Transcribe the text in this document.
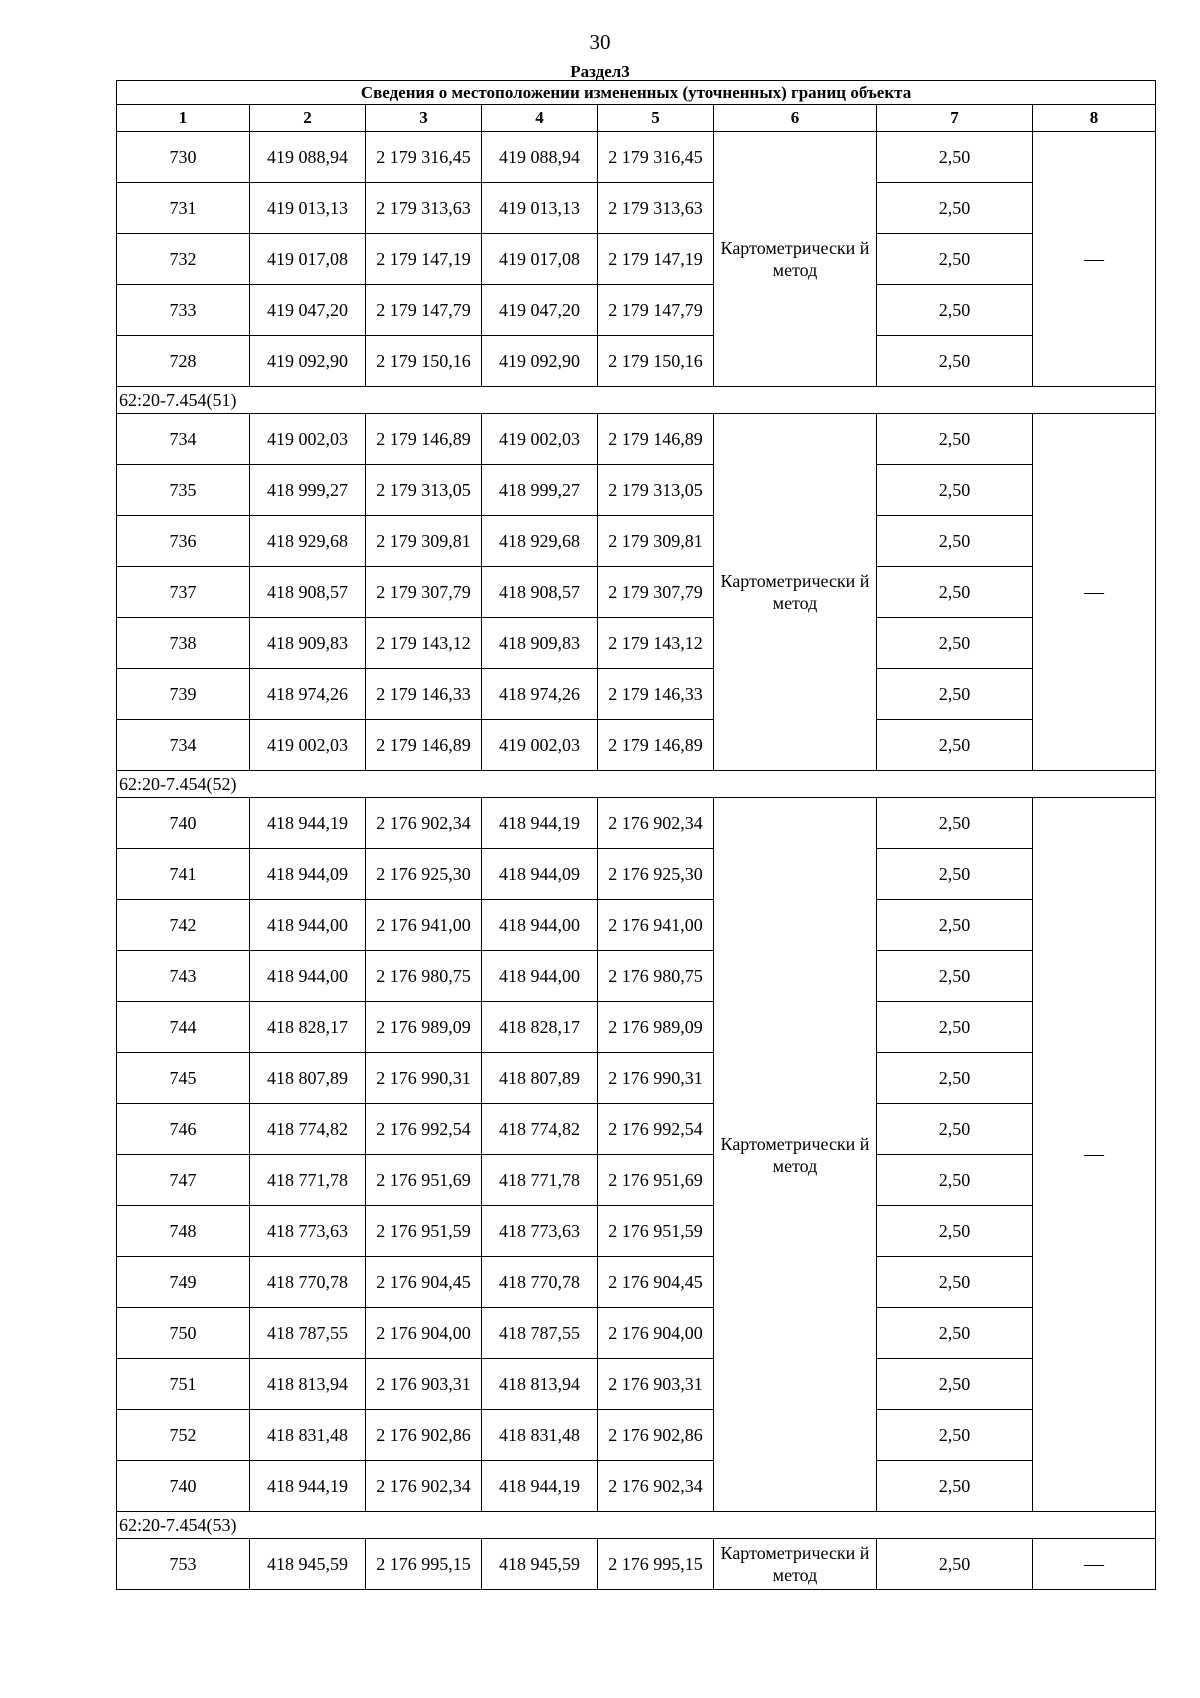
30
Раздел3
Сведения о местоположении измененных (уточненных) границ объекта							
1	2	3	4	5	6	7	8
730	419 088,94	2 179 316,45	419 088,94	2 179 316,45	Картометрически й метод	2,50	—
731	419 013,13	2 179 313,63	419 013,13	2 179 313,63		2,50	
732	419 017,08	2 179 147,19	419 017,08	2 179 147,19		2,50	
733	419 047,20	2 179 147,79	419 047,20	2 179 147,79		2,50	
728	419 092,90	2 179 150,16	419 092,90	2 179 150,16		2,50	
62:20-7.454(51)							
734	419 002,03	2 179 146,89	419 002,03	2 179 146,89	Картометрически й метод	2,50	—
735	418 999,27	2 179 313,05	418 999,27	2 179 313,05		2,50	
736	418 929,68	2 179 309,81	418 929,68	2 179 309,81		2,50	
737	418 908,57	2 179 307,79	418 908,57	2 179 307,79		2,50	
738	418 909,83	2 179 143,12	418 909,83	2 179 143,12		2,50	
739	418 974,26	2 179 146,33	418 974,26	2 179 146,33		2,50	
734	419 002,03	2 179 146,89	419 002,03	2 179 146,89		2,50	
62:20-7.454(52)							
740	418 944,19	2 176 902,34	418 944,19	2 176 902,34	Картометрически й метод	2,50	—
741	418 944,09	2 176 925,30	418 944,09	2 176 925,30		2,50	
742	418 944,00	2 176 941,00	418 944,00	2 176 941,00		2,50	
743	418 944,00	2 176 980,75	418 944,00	2 176 980,75		2,50	
744	418 828,17	2 176 989,09	418 828,17	2 176 989,09		2,50	
745	418 807,89	2 176 990,31	418 807,89	2 176 990,31		2,50	
746	418 774,82	2 176 992,54	418 774,82	2 176 992,54		2,50	
747	418 771,78	2 176 951,69	418 771,78	2 176 951,69		2,50	
748	418 773,63	2 176 951,59	418 773,63	2 176 951,59		2,50	
749	418 770,78	2 176 904,45	418 770,78	2 176 904,45		2,50	
750	418 787,55	2 176 904,00	418 787,55	2 176 904,00		2,50	
751	418 813,94	2 176 903,31	418 813,94	2 176 903,31		2,50	
752	418 831,48	2 176 902,86	418 831,48	2 176 902,86		2,50	
740	418 944,19	2 176 902,34	418 944,19	2 176 902,34		2,50	
62:20-7.454(53)							
753	418 945,59	2 176 995,15	418 945,59	2 176 995,15	Картометрически й метод	2,50	—
